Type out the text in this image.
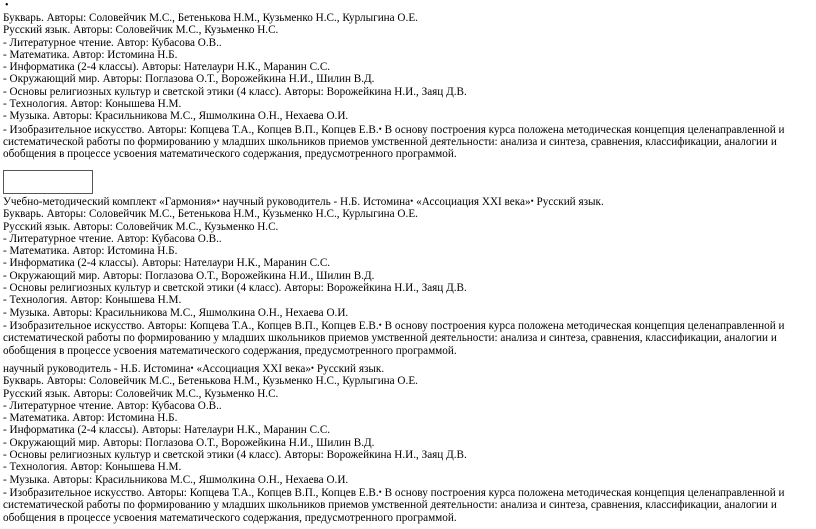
•
Букварь. Авторы: Соловейчик М.С., Бетенькова Н.М., Кузьменко Н.С., Курлыгина О.Е.
Русский язык. Авторы: Соловейчик М.С., Кузьменко Н.С.
- Литературное чтение. Автор: Кубасова О.В..
- Математика. Автор: Истомина Н.Б.
- Информатика (2-4 классы). Авторы: Нателаури Н.К., Маранин С.С.
- Окружающий мир. Авторы: Поглазова О.Т., Ворожейкина Н.И., Шилин В.Д.
- Основы религиозных культур и светской этики (4 класс). Авторы: Ворожейкина Н.И., Заяц Д.В.
- Технология. Автор: Конышева Н.М.
- Музыка. Авторы: Красильникова М.С., Яшмолкина О.Н., Нехаева О.И.
- Изобразительное искусство. Авторы: Копцева Т.А., Копцев В.П., Копцев Е.В.• В основу построения курса положена методическая концепция целенаправленной и систематической работы по формированию у младших школьников приемов умственной деятельности: анализа и синтеза, сравнения, классификации, аналогии и обобщения в процессе усвоения математического содержания, предусмотренного программой.
Учебно-методический комплект «Гармония»• научный руководитель - Н.Б. Истомина• «Ассоциация XXI века»• Русский язык.
Букварь. Авторы: Соловейчик М.С., Бетенькова Н.М., Кузьменко Н.С., Курлыгина О.Е.
Русский язык. Авторы: Соловейчик М.С., Кузьменко Н.С.
- Литературное чтение. Автор: Кубасова О.В..
- Математика. Автор: Истомина Н.Б.
- Информатика (2-4 классы). Авторы: Нателаури Н.К., Маранин С.С.
- Окружающий мир. Авторы: Поглазова О.Т., Ворожейкина Н.И., Шилин В.Д.
- Основы религиозных культур и светской этики (4 класс). Авторы: Ворожейкина Н.И., Заяц Д.В.
- Технология. Автор: Конышева Н.М.
- Музыка. Авторы: Красильникова М.С., Яшмолкина О.Н., Нехаева О.И.
- Изобразительное искусство. Авторы: Копцева Т.А., Копцев В.П., Копцев Е.В.• В основу построения курса положена методическая концепция целенаправленной и систематической работы по формированию у младших школьников приемов умственной деятельности: анализа и синтеза, сравнения, классификации, аналогии и обобщения в процессе усвоения математического содержания, предусмотренного программой.
научный руководитель - Н.Б. Истомина• «Ассоциация XXI века»• Русский язык.
Букварь. Авторы: Соловейчик М.С., Бетенькова Н.М., Кузьменко Н.С., Курлыгина О.Е.
Русский язык. Авторы: Соловейчик М.С., Кузьменко Н.С.
- Литературное чтение. Автор: Кубасова О.В..
- Математика. Автор: Истомина Н.Б.
- Информатика (2-4 классы). Авторы: Нателаури Н.К., Маранин С.С.
- Окружающий мир. Авторы: Поглазова О.Т., Ворожейкина Н.И., Шилин В.Д.
- Основы религиозных культур и светской этики (4 класс). Авторы: Ворожейкина Н.И., Заяц Д.В.
- Технология. Автор: Конышева Н.М.
- Музыка. Авторы: Красильникова М.С., Яшмолкина О.Н., Нехаева О.И.
- Изобразительное искусство. Авторы: Копцева Т.А., Копцев В.П., Копцев Е.В.• В основу построения курса положена методическая концепция целенаправленной и систематической работы по формированию у младших школьников приемов умственной деятельности: анализа и синтеза, сравнения, классификации, аналогии и обобщения в процессе усвоения математического содержания, предусмотренного программой.
